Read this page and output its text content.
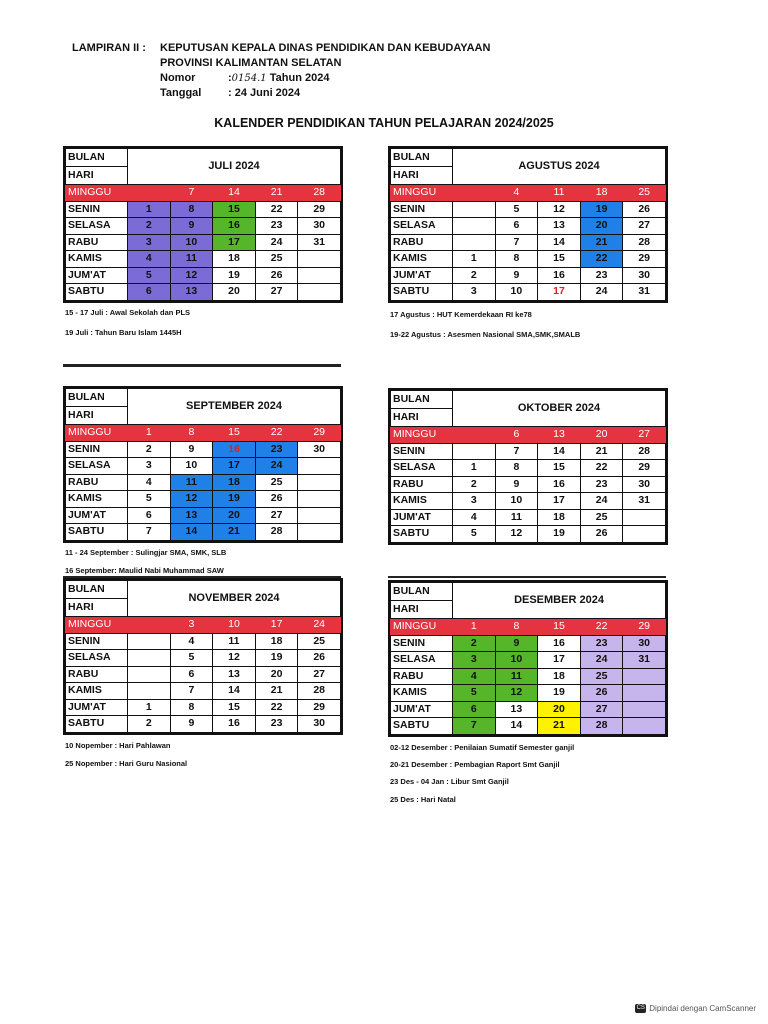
LAMPIRAN II : KEPUTUSAN KEPALA DINAS PENDIDIKAN DAN KEBUDAYAAN
PROVINSI KALIMANTAN SELATAN
Nomor	:0154.1 Tahun 2024
Tanggal : 24 Juni 2024
KALENDER PENDIDIKAN TAHUN PELAJARAN 2024/2025
BULAN	JULI 2024				
HARI					
MINGGU		7	14	21	28
SENIN	1	8	15	22	29
SELASA	2	9	16	23	30
RABU	3	10	17	24	31
KAMIS	4	11	18	25	
JUM'AT	5	12	19	26	
SABTU	6	13	20	27	
BULAN	AGUSTUS 2024				
HARI					
MINGGU		4	11	18	25
SENIN		5	12	19	26
SELASA		6	13	20	27
RABU		7	14	21	28
KAMIS	1	8	15	22	29
JUM'AT	2	9	16	23	30
SABTU	3	10	17	24	31
BULAN	SEPTEMBER 2024				
HARI					
MINGGU	1	8	15	22	29
SENIN	2	9	16	23	30
SELASA	3	10	17	24	
RABU	4	11	18	25	
KAMIS	5	12	19	26	
JUM'AT	6	13	20	27	
SABTU	7	14	21	28	
BULAN	OKTOBER 2024				
HARI					
MINGGU		6	13	20	27
SENIN		7	14	21	28
SELASA	1	8	15	22	29
RABU	2	9	16	23	30
KAMIS	3	10	17	24	31
JUM'AT	4	11	18	25	
SABTU	5	12	19	26	
BULAN	NOVEMBER 2024				
HARI					
MINGGU		3	10	17	24
SENIN		4	11	18	25
SELASA		5	12	19	26
RABU		6	13	20	27
KAMIS		7	14	21	28
JUM'AT	1	8	15	22	29
SABTU	2	9	16	23	30
BULAN	DESEMBER 2024				
HARI					
MINGGU	1	8	15	22	29
SENIN	2	9	16	23	30
SELASA	3	10	17	24	31
RABU	4	11	18	25	
KAMIS	5	12	19	26	
JUM'AT	6	13	20	27	
SABTU	7	14	21	28	
15 - 17 Juli : Awal Sekolah dan PLS
19 Juli : Tahun Baru Islam 1445H
17 Agustus : HUT Kemerdekaan RI ke78
19-22 Agustus : Asesmen Nasional SMA,SMK,SMALB
11 - 24 September : Sulingjar SMA, SMK, SLB
16 September: Maulid Nabi Muhammad SAW
10 Nopember : Hari Pahlawan
25 Nopember : Hari Guru Nasional
02-12 Desember : Penilaian Sumatif Semester ganjil
20-21 Desember : Pembagian Raport Smt Ganjil
23 Des - 04 Jan : Libur Smt Ganjil
25 Des : Hari Natal
CS Dipindai dengan CamScanner
